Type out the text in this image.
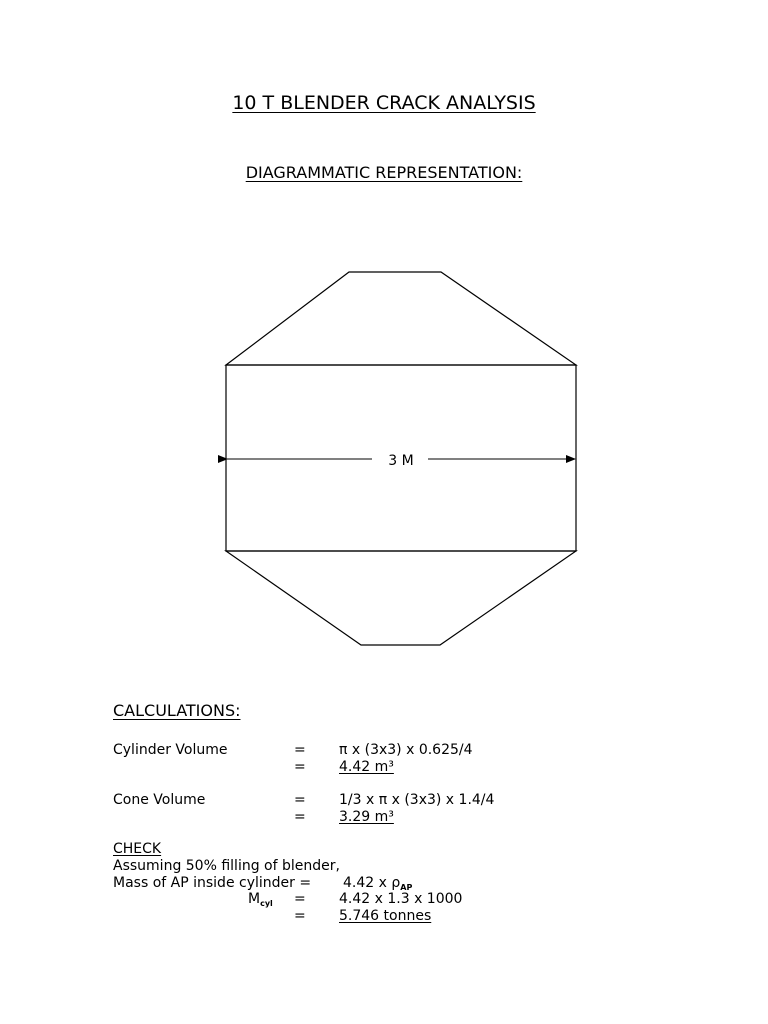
10 T BLENDER CRACK ANALYSIS
DIAGRAMMATIC REPRESENTATION:
3 M
CALCULATIONS:
Cylinder Volume	= π x (3x3) x 0.625/4
= 4.42 m³
Cone Volume	= 1/3 x π x (3x3) x 1.4/4
= 3.29 m³
CHECK
Assuming 50% filling of blender,
Mass of AP inside cylinder = 4.42 x $\rho_{AP}$
$M_{cyl} = 4.42$ x 1.3 x 1000
= 5.746 tonnes
